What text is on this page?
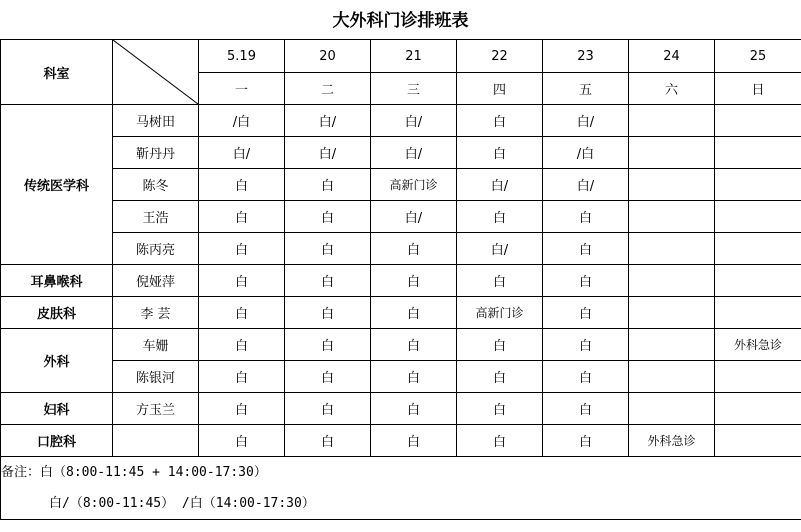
大外科门诊排班表
科室		5.19	20	21	22	23	24	25
		一	二	三	四	五	六	日
传统医学科	马树田	/白	白/	白/	白	白/		
	靳丹丹	白/	白/	白/	白	/白		
	陈冬	白	白	高新门诊	白/	白/		
	王浩	白	白	白/	白	白		
	陈丙亮	白	白	白	白/	白		
耳鼻喉科	倪娅萍	白	白	白	白	白		
皮肤科	李 芸	白	白	白	高新门诊	白		
外科	车姗	白	白	白	白	白		外科急诊
	陈银河	白	白	白	白	白		
妇科	方玉兰	白	白	白	白	白		
口腔科		白	白	白	白	白	外科急诊	

备注：白（8:00-11:45 + 14:00-17:30）
白/（8:00-11:45） /白（14:00-17:30）								
